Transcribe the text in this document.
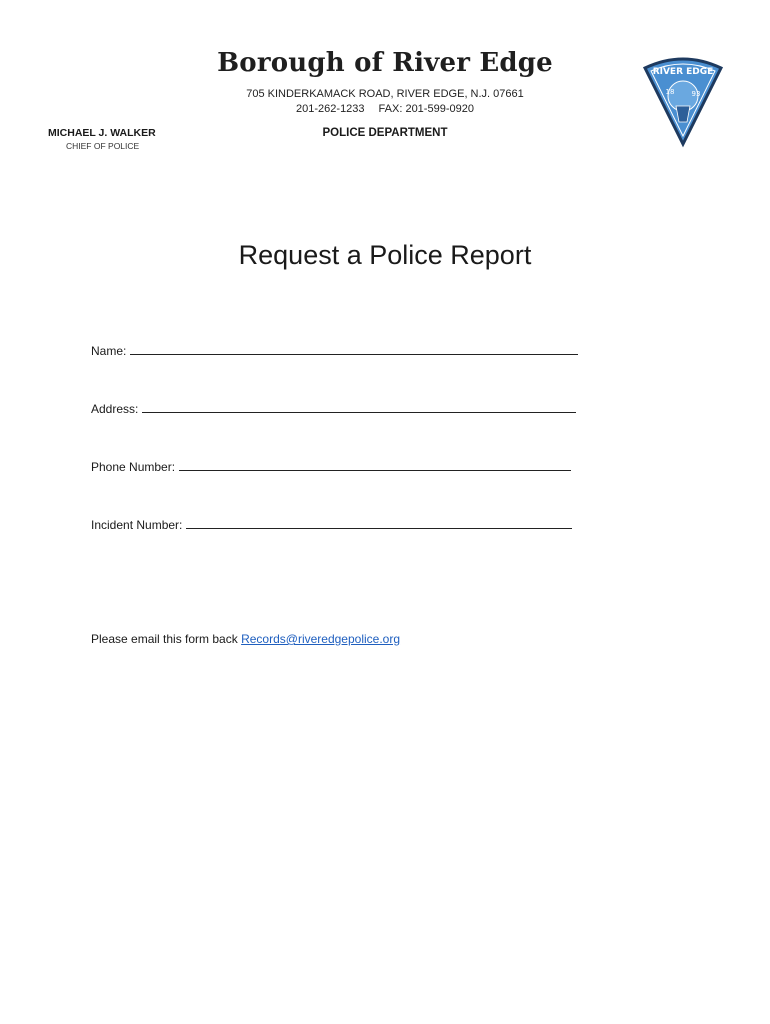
Borough of River Edge
705 KINDERKAMACK ROAD, RIVER EDGE, N.J. 07661
201-262-1233 FAX: 201-599-0920
POLICE DEPARTMENT
MICHAEL J. WALKER
CHIEF OF POLICE
RIVER EDGE
18 93
Request a Police Report
Name:
Address:
Phone Number:
Incident Number:
Please email this form back Records@riveredgepolice.org
